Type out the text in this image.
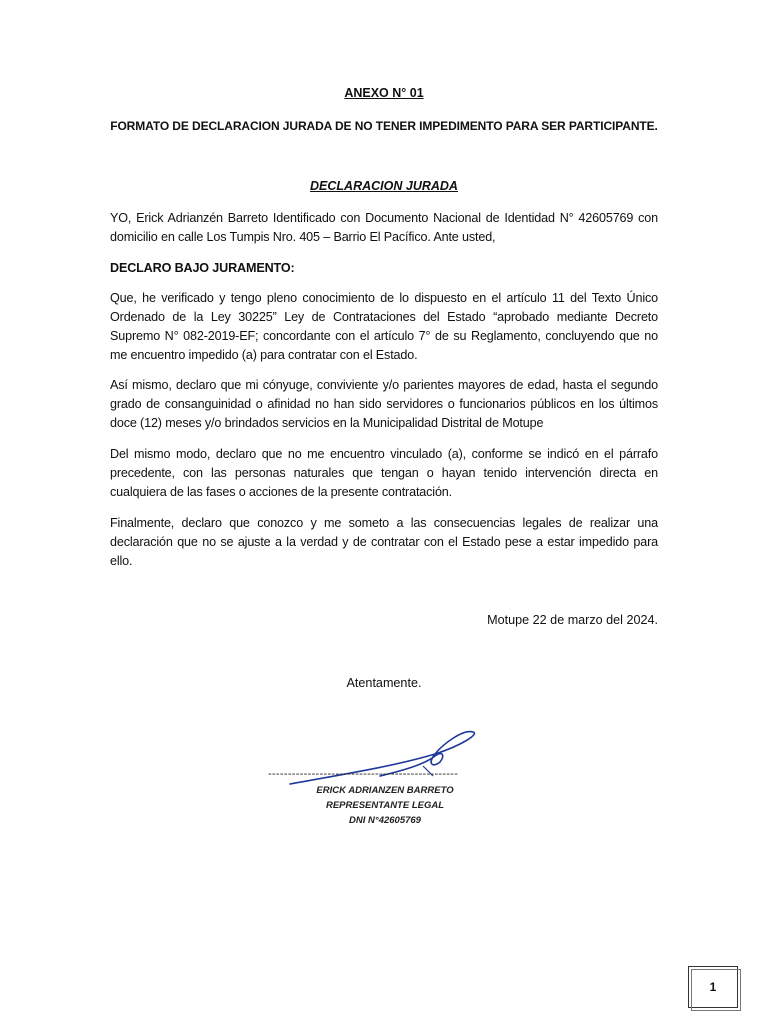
ANEXO N° 01
FORMATO DE DECLARACION JURADA DE NO TENER IMPEDIMENTO PARA SER PARTICIPANTE.
DECLARACION JURADA

YO, Erick Adrianzén Barreto Identificado con Documento Nacional de Identidad N° 42605769 con domicilio en calle Los Tumpis Nro. 405 – Barrio El Pacífico. Ante usted,

DECLARO BAJO JURAMENTO:

Que, he verificado y tengo pleno conocimiento de lo dispuesto en el artículo 11 del Texto Único Ordenado de la Ley 30225” Ley de Contrataciones del Estado “aprobado mediante Decreto Supremo N° 082-2019-EF; concordante con el artículo 7° de su Reglamento, concluyendo que no me encuentro impedido (a) para contratar con el Estado.

Así mismo, declaro que mi cónyuge, conviviente y/o parientes mayores de edad, hasta el segundo grado de consanguinidad o afinidad no han sido servidores o funcionarios públicos en los últimos doce (12) meses y/o brindados servicios en la Municipalidad Distrital de Motupe

Del mismo modo, declaro que no me encuentro vinculado (a), conforme se indicó en el párrafo precedente, con las personas naturales que tengan o hayan tenido intervención directa en cualquiera de las fases o acciones de la presente contratación.

Finalmente, declaro que conozco y me someto a las consecuencias legales de realizar una declaración que no se ajuste a la verdad y de contratar con el Estado pese a estar impedido para ello.

Motupe 22 de marzo del 2024.
Atentamente.
------------------------------------------------
ERICK ADRIANZEN BARRETO
REPRESENTANTE LEGAL
DNI N°42605769
1
